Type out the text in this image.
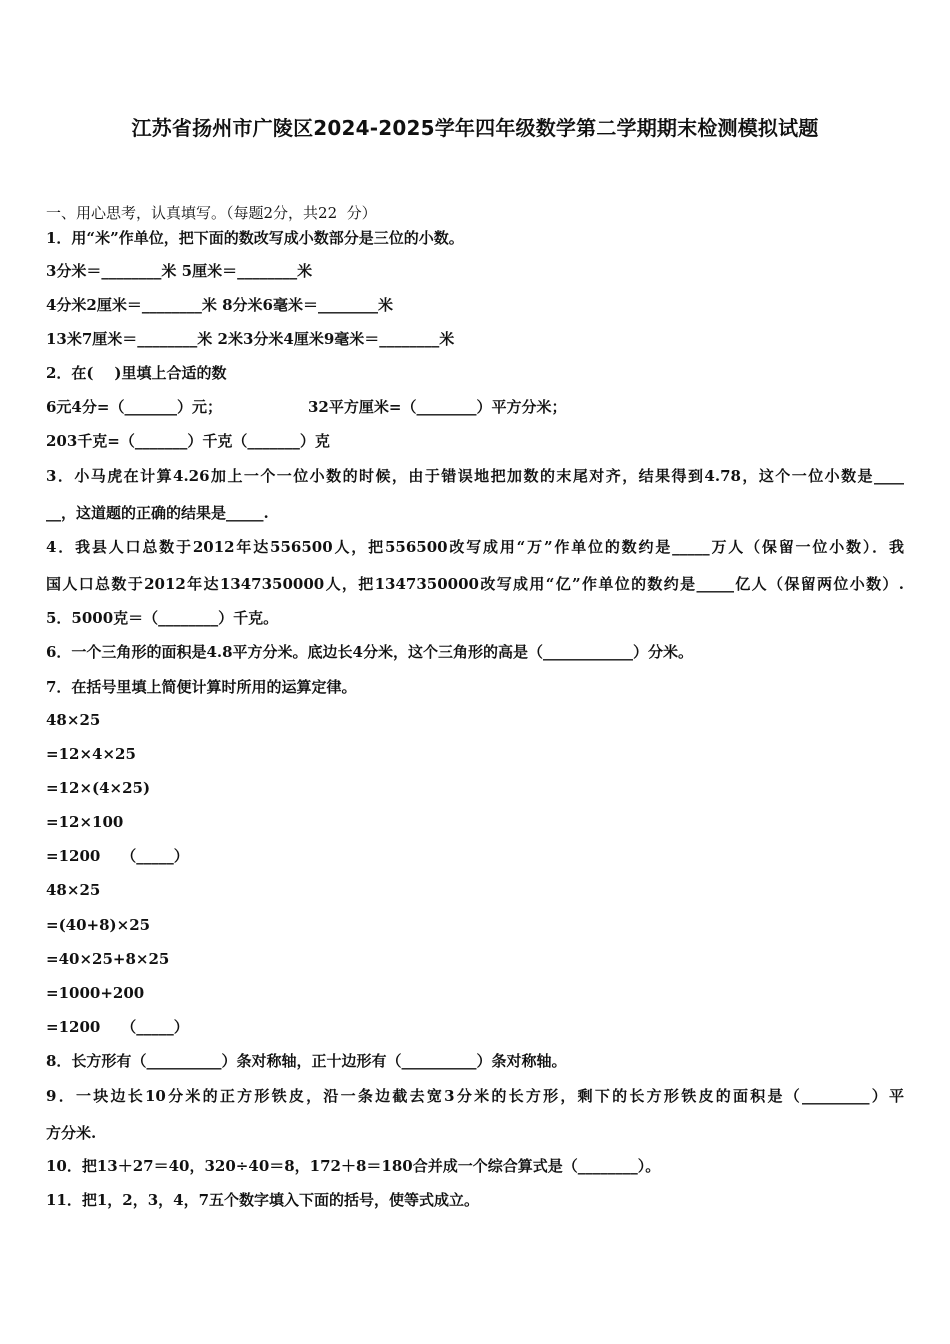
江苏省扬州市广陵区2024-2025学年四年级数学第二学期期末检测模拟试题
一、用心思考，认真填写。（每题2分，共22  分）
1．用“米”作单位，把下面的数改写成小数部分是三位的小数。
3分米＝________米 5厘米＝________米
4分米2厘米＝________米 8分米6毫米＝________米
13米7厘米＝________米 2米3分米4厘米9毫米＝________米
2．在(    )里填上合适的数
6元4分=（_______）元；	32平方厘米=（________）平方分米；
203千克=（_______）千克（_______）克
3．小马虎在计算4.26加上一个一位小数的时候，由于错误地把加数的末尾对齐，结果得到4.78，这个一位小数是____
__，这道题的正确的结果是_____.
4．我县人口总数于2012年达556500人，把556500改写成用“万”作单位的数约是_____万人（保留一位小数）．我
国人口总数于2012年达1347350000人，把1347350000改写成用“亿”作单位的数约是_____亿人（保留两位小数）.
5．5000克＝（________）千克。
6．一个三角形的面积是4.8平方分米。底边长4分米，这个三角形的高是（____________）分米。
7．在括号里填上简便计算时所用的运算定律。
48×25
=12×4×25
=12×(4×25)
=12×100
=1200    （_____）
48×25
=(40+8)×25
=40×25+8×25
=1000+200
=1200    （_____）
8．长方形有（__________）条对称轴，正十边形有（__________）条对称轴。
9．一块边长10分米的正方形铁皮，沿一条边截去宽3分米的长方形，剩下的长方形铁皮的面积是（_________）平
方分米.
10．把13＋27＝40，320÷40＝8，172＋8＝180合并成一个综合算式是（________）。
11．把1，2，3，4，7五个数字填入下面的括号，使等式成立。
